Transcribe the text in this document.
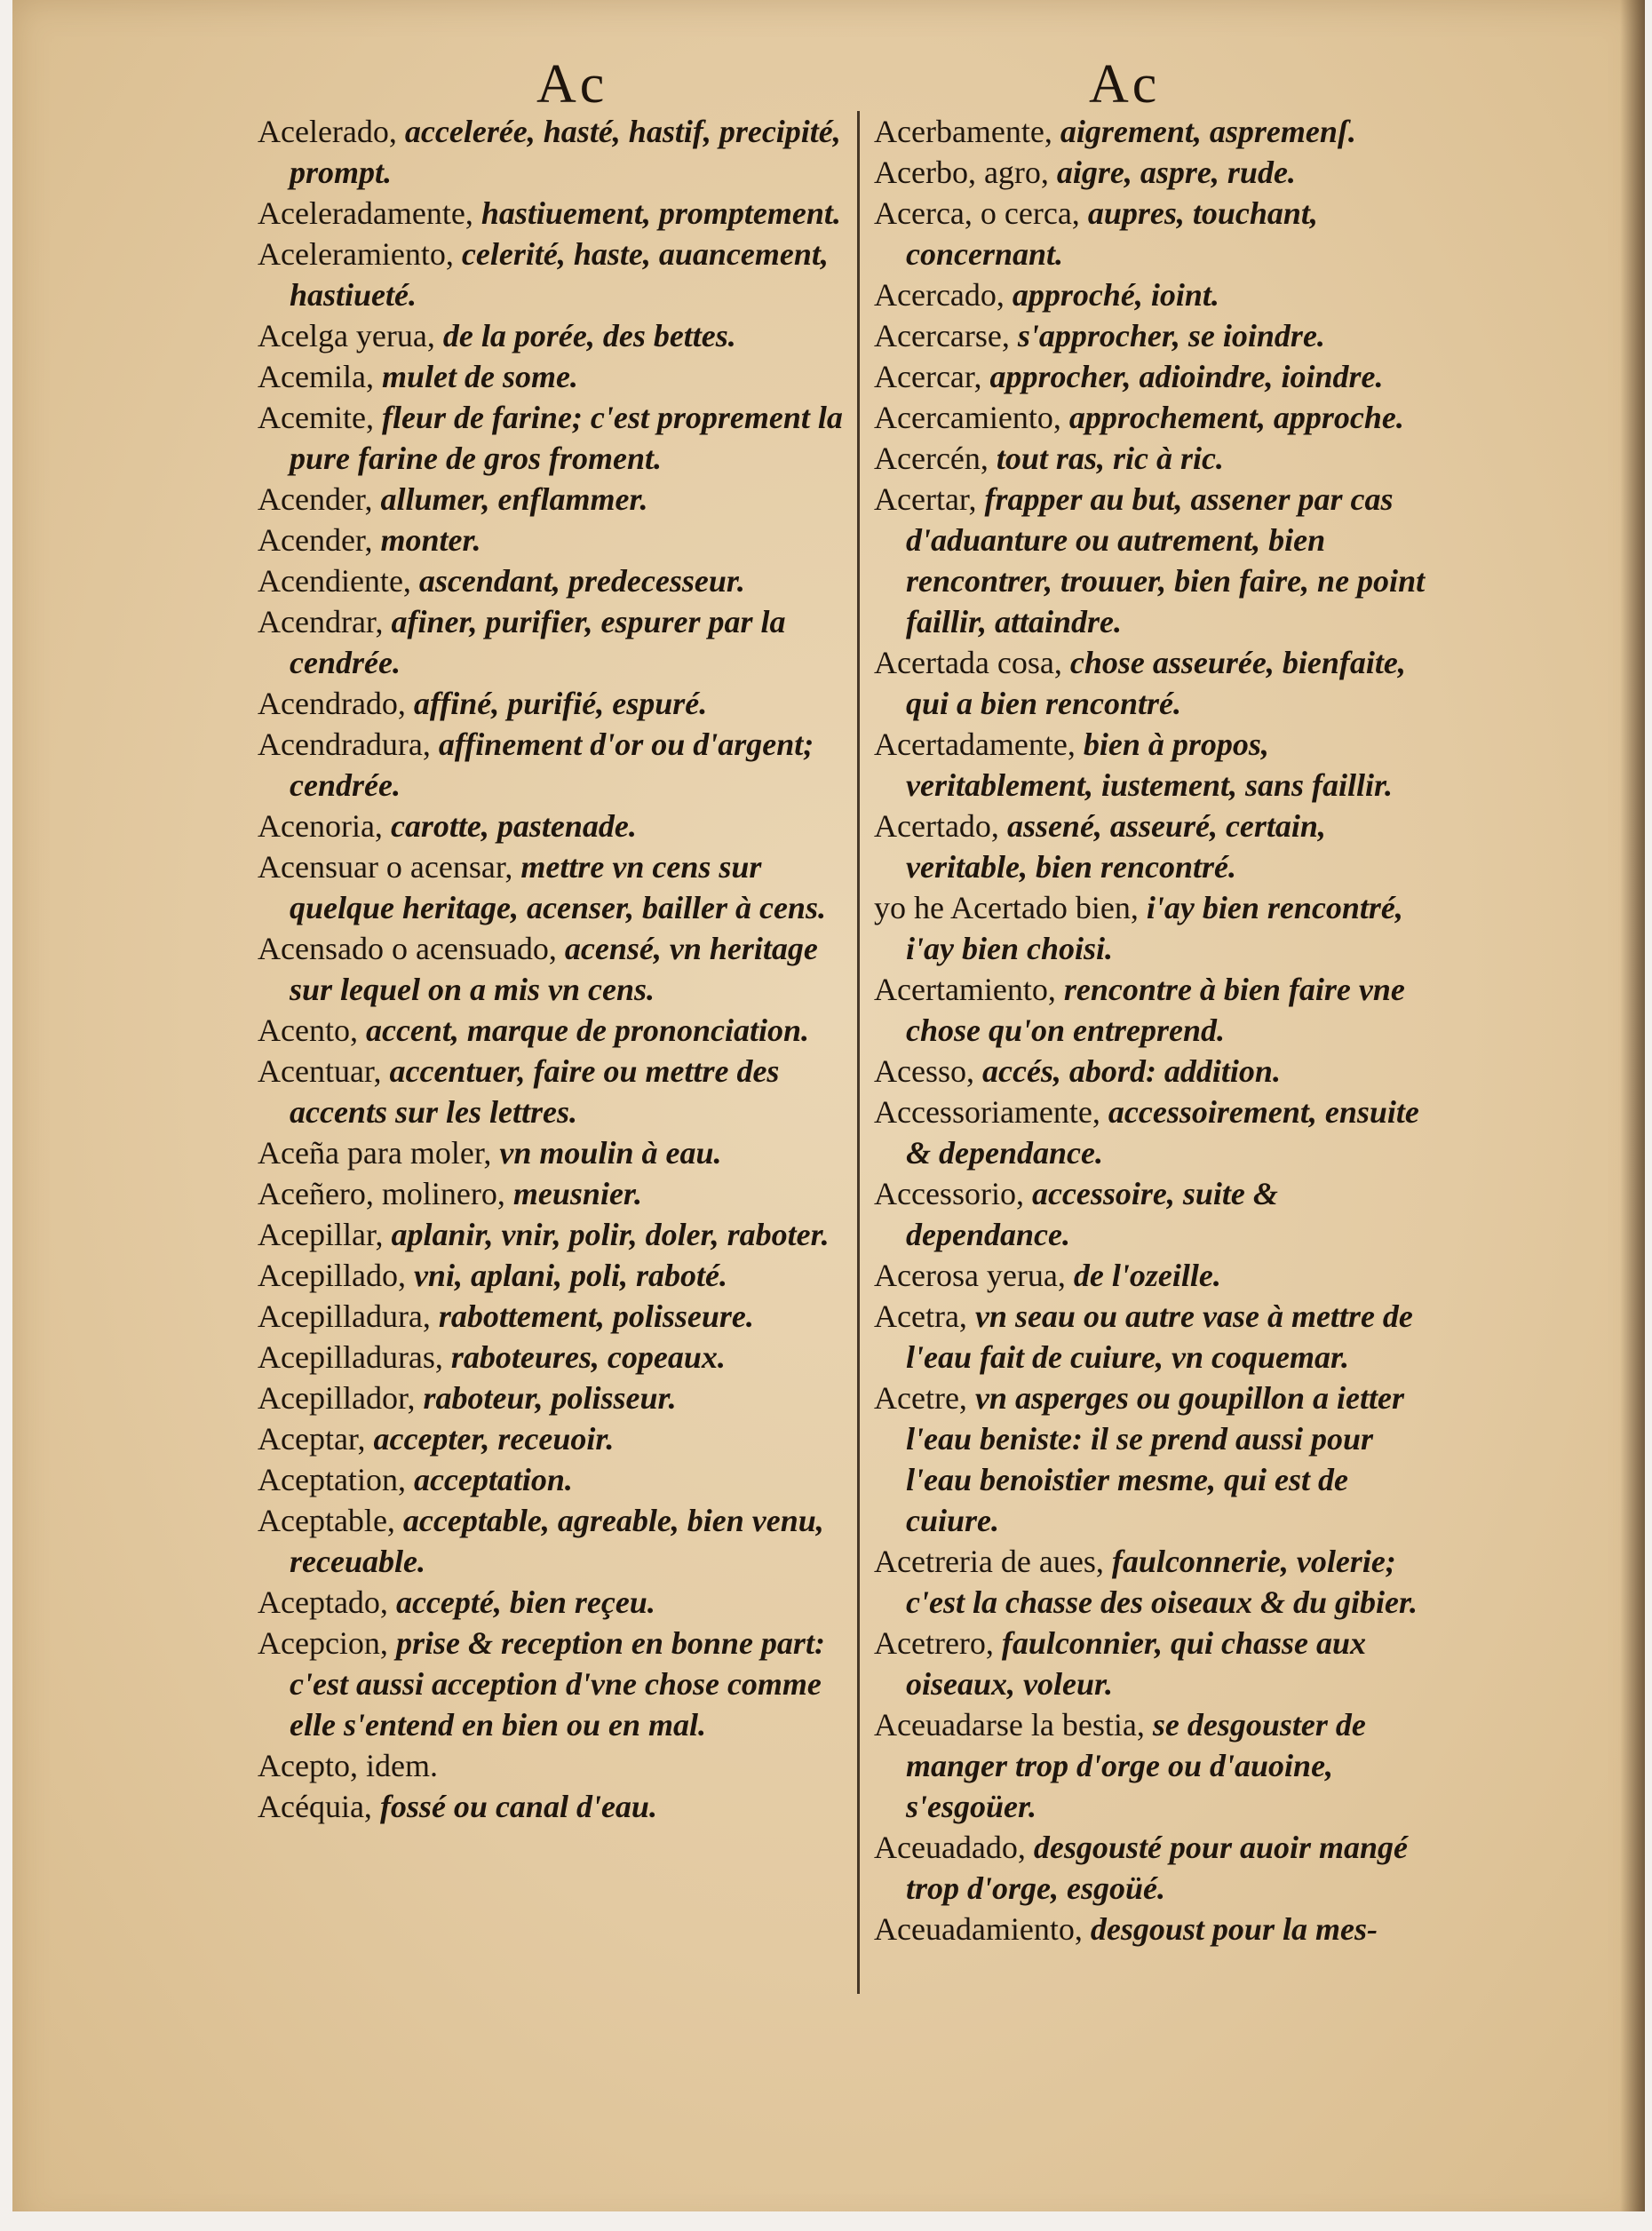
Ac	Ac

Acelerado, accelerée, hasté, hastif, precipité, prompt.

Aceleradamente, hastiuement, promptement.

Aceleramiento, celerité, haste, auancement, hastiueté.

Acelga yerua, de la porée, des bettes.

Acemila, mulet de some.

Acemite, fleur de farine; c'est proprement la pure farine de gros froment.

Acender, allumer, enflammer.

Acender, monter.

Acendiente, ascendant, predecesseur.

Acendrar, afiner, purifier, espurer par la cendrée.

Acendrado, affiné, purifié, espuré.

Acendradura, affinement d'or ou d'argent; cendrée.

Acenoria, carotte, pastenade.

Acensuar o acensar, mettre vn cens sur quelque heritage, acenser, bailler à cens.

Acensado o acensuado, acensé, vn heritage sur lequel on a mis vn cens.

Acento, accent, marque de prononciation.

Acentuar, accentuer, faire ou mettre des accents sur les lettres.

Aceña para moler, vn moulin à eau.

Aceñero, molinero, meusnier.

Acepillar, aplanir, vnir, polir, doler, raboter.

Acepillado, vni, aplani, poli, raboté.

Acepilladura, rabottement, polisseure.

Acepilladuras, raboteures, copeaux.

Acepillador, raboteur, polisseur.

Aceptar, accepter, receuoir.

Aceptation, acceptation.

Aceptable, acceptable, agreable, bien venu, receuable.

Aceptado, accepté, bien reçeu.

Acepcion, prise & reception en bonne part: c'est aussi acception d'vne chose comme elle s'entend en bien ou en mal.

Acepto, idem.

Acéquia, fossé ou canal d'eau.

Acerbamente, aigrement, aspremenſ.

Acerbo, agro, aigre, aspre, rude.

Acerca, o cerca, aupres, touchant, concernant.

Acercado, approché, ioint.

Acercarse, s'approcher, se ioindre.

Acercar, approcher, adioindre, ioindre.

Acercamiento, approchement, approche.

Acercén, tout ras, ric à ric.

Acertar, frapper au but, assener par cas d'aduanture ou autrement, bien rencontrer, trouuer, bien faire, ne point faillir, attaindre.

Acertada cosa, chose asseurée, bienfaite, qui a bien rencontré.

Acertadamente, bien à propos, veritablement, iustement, sans faillir.

Acertado, assené, asseuré, certain, veritable, bien rencontré.

yo he Acertado bien, i'ay bien rencontré, i'ay bien choisi.

Acertamiento, rencontre à bien faire vne chose qu'on entreprend.

Acesso, accés, abord: addition.

Accessoriamente, accessoirement, ensuite & dependance.

Accessorio, accessoire, suite & dependance.

Acerosa yerua, de l'ozeille.

Acetra, vn seau ou autre vase à mettre de l'eau fait de cuiure, vn coquemar.

Acetre, vn asperges ou goupillon a ietter l'eau beniste: il se prend aussi pour l'eau benoistier mesme, qui est de cuiure.

Acetreria de aues, faulconnerie, volerie; c'est la chasse des oiseaux & du gibier.

Acetrero, faulconnier, qui chasse aux oiseaux, voleur.

Aceuadarse la bestia, se desgouster de manger trop d'orge ou d'auoine, s'esgoüer.

Aceuadado, desgousté pour auoir mangé trop d'orge, esgoüé.

Aceuadamiento, desgoust pour la mes-
